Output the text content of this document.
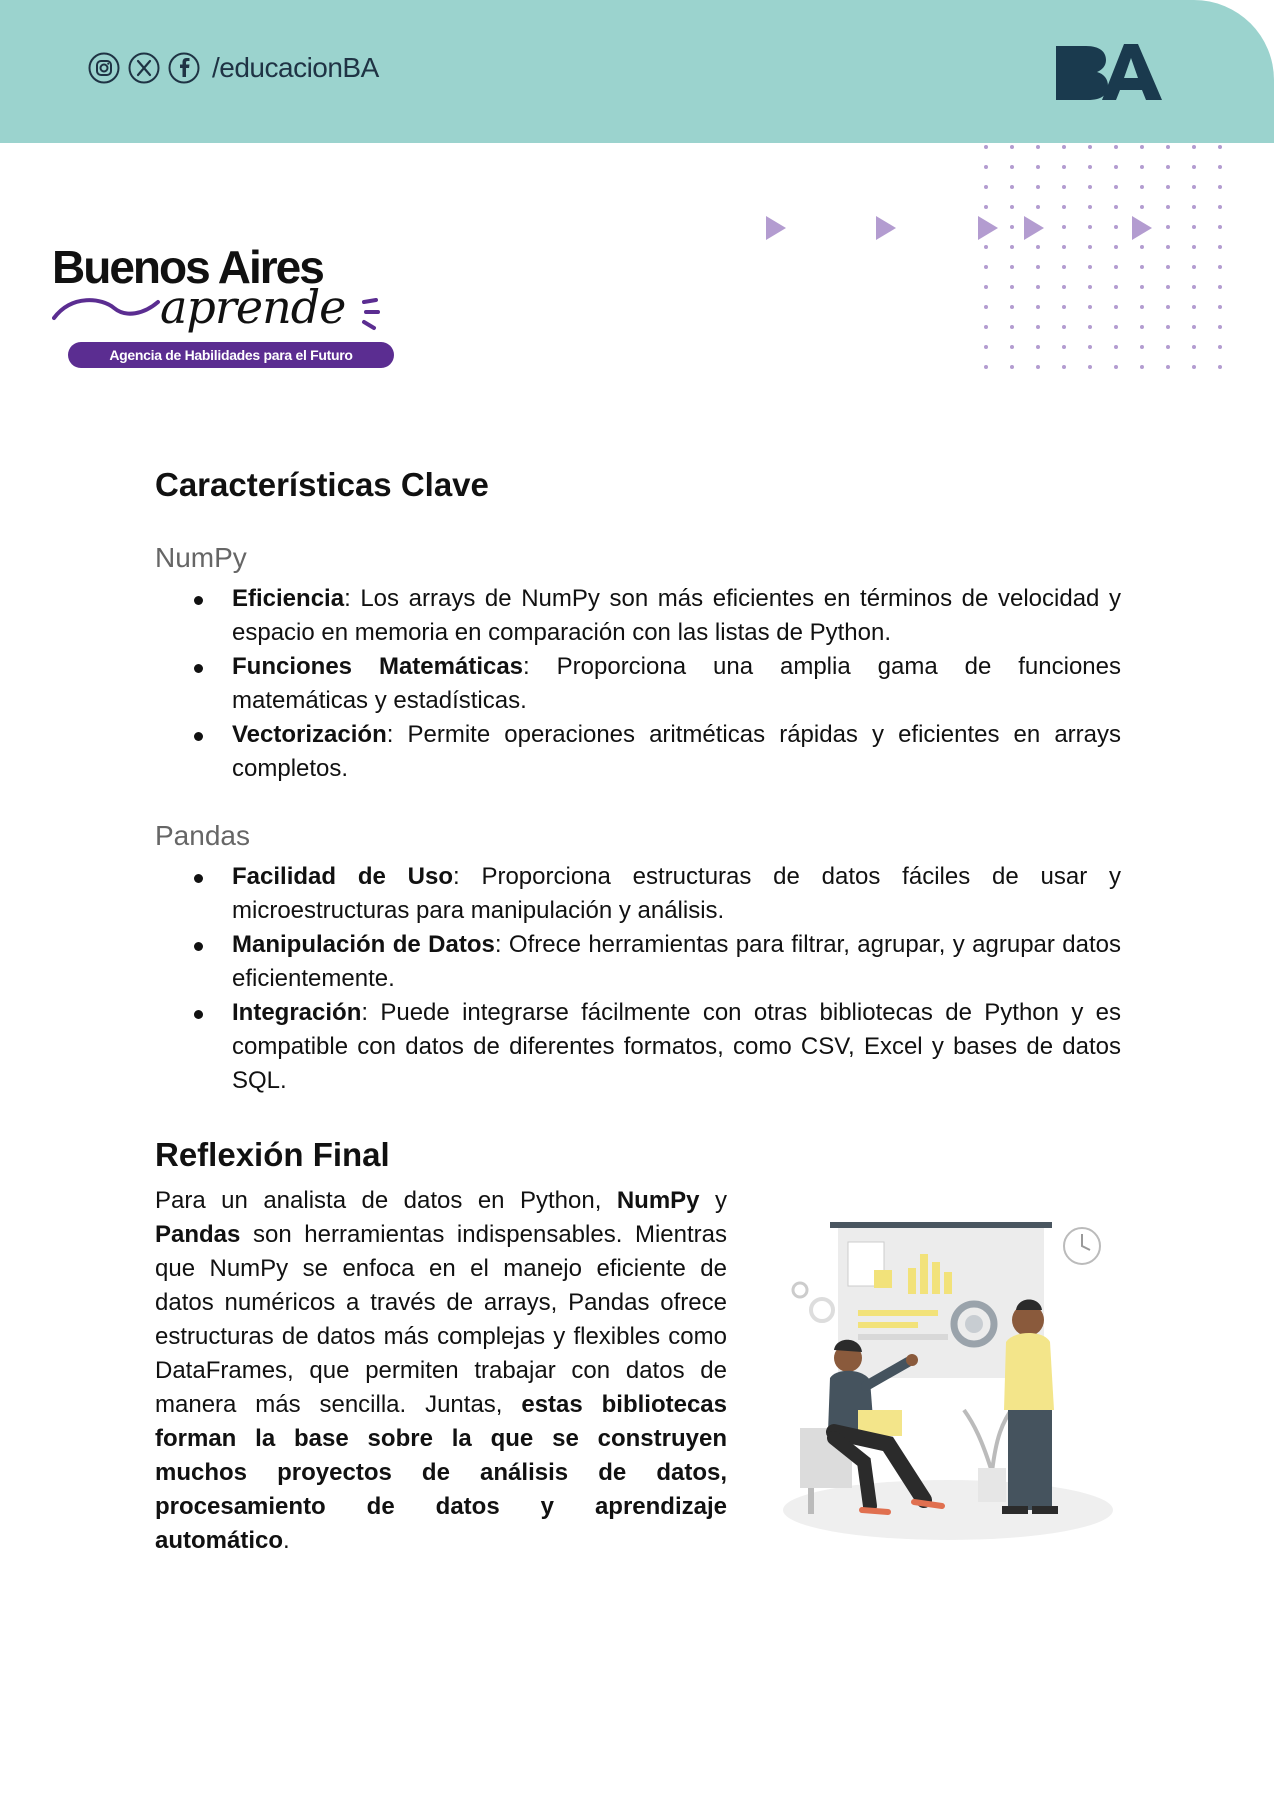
/educacionBA
Buenos Aires
aprende
Agencia de Habilidades para el Futuro
Características Clave
NumPy
Eficiencia: Los arrays de NumPy son más eficientes en términos de velocidad y espacio en memoria en comparación con las listas de Python.
Funciones Matemáticas: Proporciona una amplia gama de funciones matemáticas y estadísticas.
Vectorización: Permite operaciones aritméticas rápidas y eficientes en arrays completos.
Pandas
Facilidad de Uso: Proporciona estructuras de datos fáciles de usar y microestructuras para manipulación y análisis.
Manipulación de Datos: Ofrece herramientas para filtrar, agrupar, y agrupar datos eficientemente.
Integración: Puede integrarse fácilmente con otras bibliotecas de Python y es compatible con datos de diferentes formatos, como CSV, Excel y bases de datos SQL.
Reflexión Final
Para un analista de datos en Python, NumPy y Pandas son herramientas indispensables. Mientras que NumPy se enfoca en el manejo eficiente de datos numéricos a través de arrays, Pandas ofrece estructuras de datos más complejas y flexibles como DataFrames, que permiten trabajar con datos de manera más sencilla. Juntas, estas bibliotecas forman la base sobre la que se construyen muchos proyectos de análisis de datos, procesamiento de datos y aprendizaje automático.
